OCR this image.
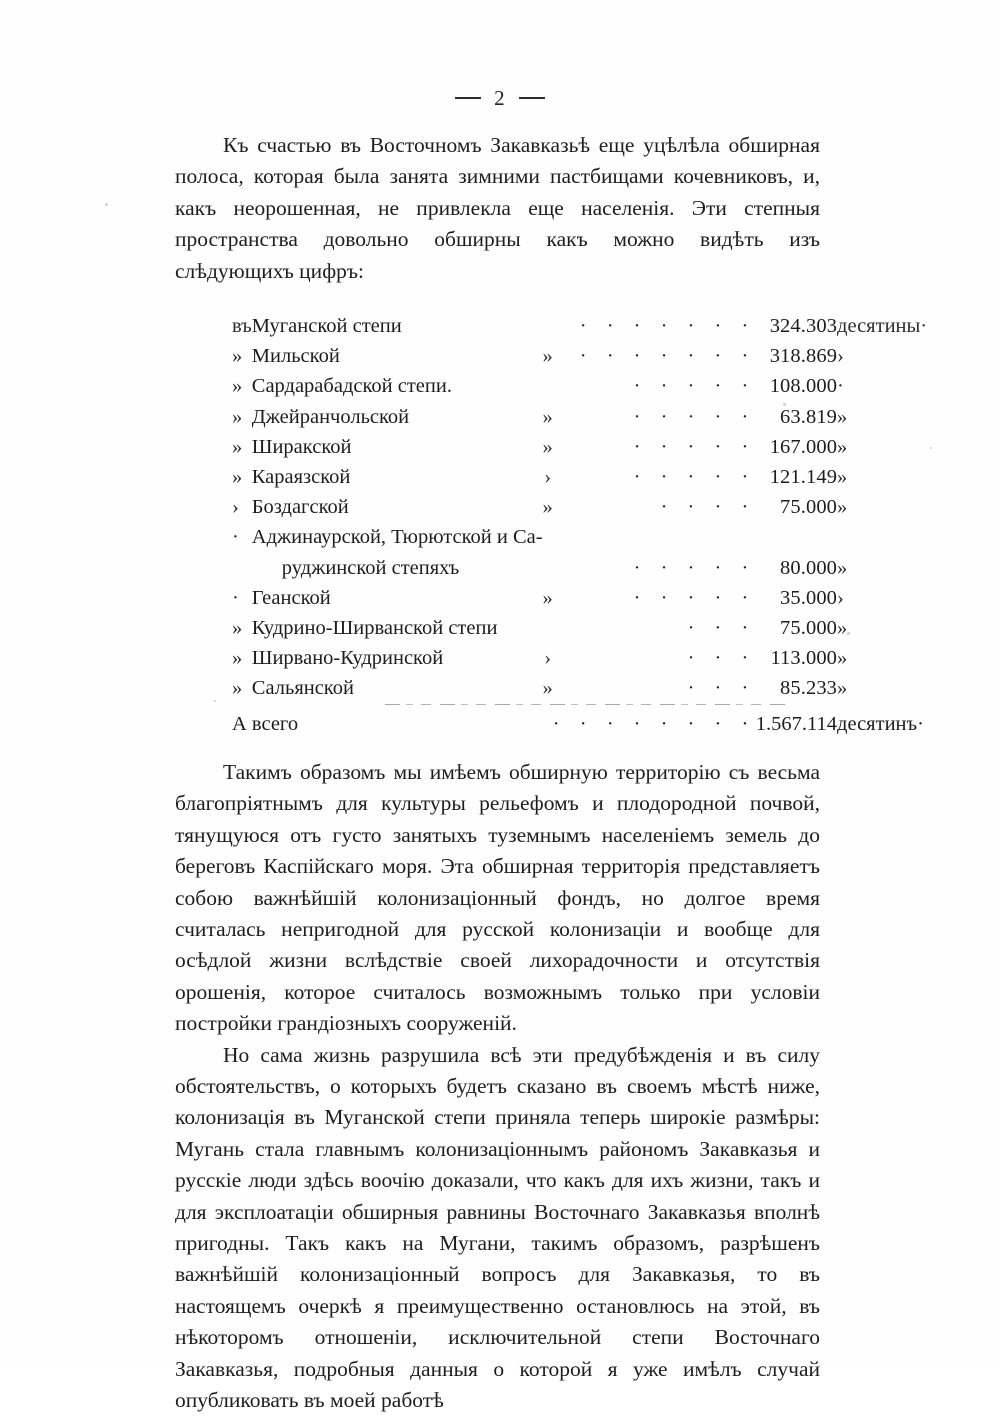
2

Къ счастью въ Восточномъ Закавказьѣ еще уцѣлѣла обширная полоса, которая была занята зимними пастбищами кочевниковъ, и, какъ неорошенная, не привлекла еще населенія. Эти степныя пространства довольно обширны какъ можно видѣть изъ слѣдующихъ цифръ:

въ	Муганской степи		· · · · · · ·	324.303	десятины·
»	Мильской	»	· · · · · · ·	318.869	›
»	Сардарабадской степи.		· · · · ·	108.000	·
»	Джейранчольской	»	· · · · ·	63.819	»
»	Ширакской	»	· · · · ·	167.000	»
»	Караязской	›	· · · · ·	121.149	»
›	Боздагской	»	· · · ·	75.000	»
·	Аджинаурской, Тюрютской и Са-				
	руджинской степяхъ		· · · · ·	80.000	»
·	Геанской	»	· · · · ·	35.000	›
»	Кудрино-Ширванской степи		· · ·	75.000	»
»	Ширвано-Кудринской	›	· · ·	113.000	»
»	Сальянской	»	· · ·	85.233	»
А всего			· · · · · · · ·	1.567.114	десятинъ·

Такимъ образомъ мы имѣемъ обширную территорію съ весьма благопріятнымъ для культуры рельефомъ и плодородной почвой, тянущуюся отъ густо занятыхъ туземнымъ населеніемъ земель до береговъ Каспійскаго моря. Эта обширная территорія представляетъ собою важнѣйшій колонизаціонный фондъ, но долгое время считалась непригодной для русской колонизаціи и вообще для осѣдлой жизни вслѣдствіе своей лихорадочности и отсутствія орошенія, которое считалось возможнымъ только при условіи постройки грандіозныхъ сооруженій.

Но сама жизнь разрушила всѣ эти предубѣжденія и въ силу обстоятельствъ, о которыхъ будетъ сказано въ своемъ мѣстѣ ниже, колонизація въ Муганской степи приняла теперь широкіе размѣры: Мугань стала главнымъ колонизаціоннымъ райономъ Закавказья и русскіе люди здѣсь воочію доказали, что какъ для ихъ жизни, такъ и для эксплоатаціи обширныя равнины Восточнаго Закавказья вполнѣ пригодны. Такъ какъ на Мугани, такимъ образомъ, разрѣшенъ важнѣйшій колонизаціонный вопросъ для Закавказья, то въ настоящемъ очеркѣ я преимущественно остановлюсь на этой, въ нѣкоторомъ отношеніи, исключительной степи Восточнаго Закавказья, подробныя данныя о которой я уже имѣлъ случай опубликовать въ моей работѣ
